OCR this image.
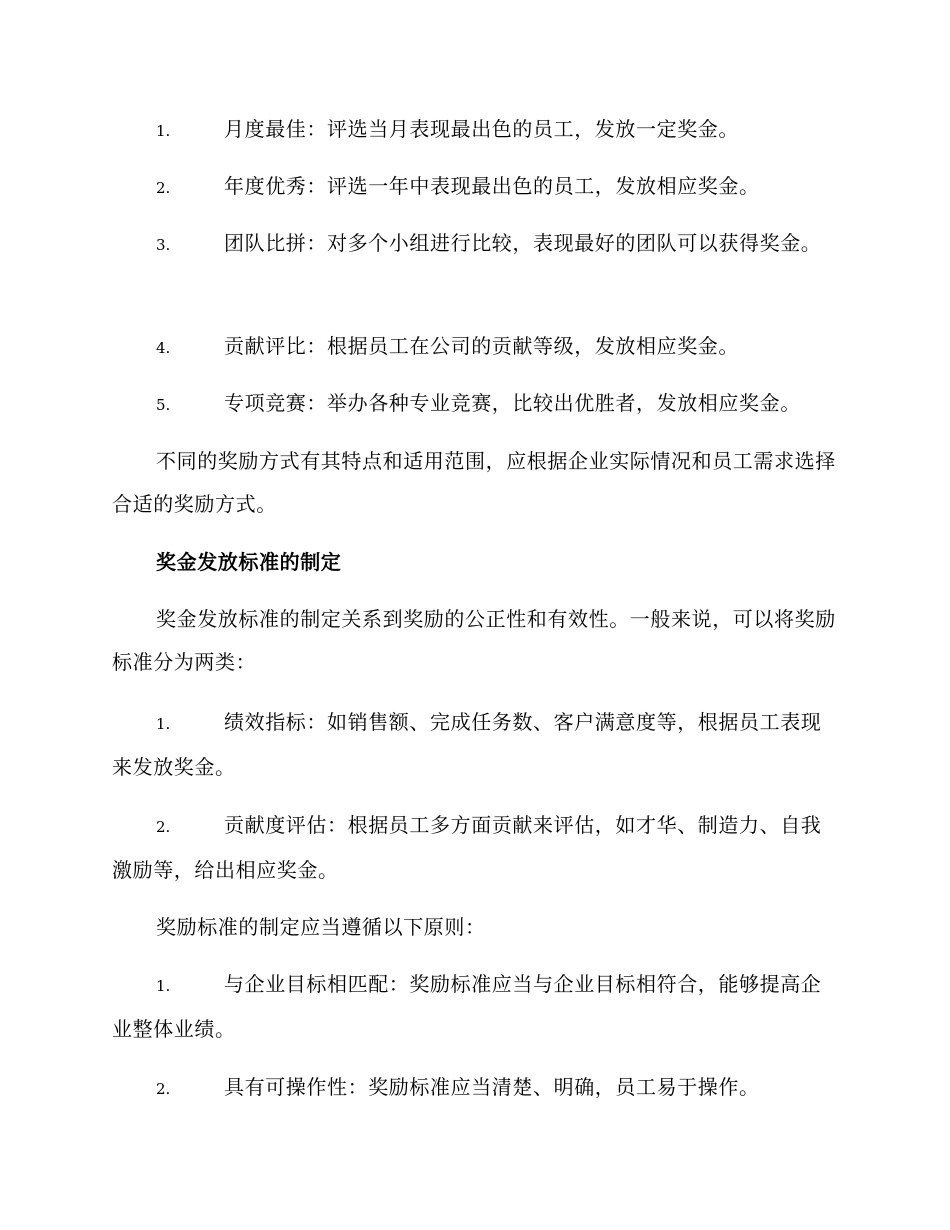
1.	月度最佳：评选当月表现最出色的员工，发放一定奖金。
2.	年度优秀：评选一年中表现最出色的员工，发放相应奖金。
3.	团队比拼：对多个小组进行比较，表现最好的团队可以获得奖金。
4.	贡献评比：根据员工在公司的贡献等级，发放相应奖金。
5.	专项竞赛：举办各种专业竞赛，比较出优胜者，发放相应奖金。
不同的奖励方式有其特点和适用范围，应根据企业实际情况和员工需求选择合适的奖励方式。
奖金发放标准的制定
奖金发放标准的制定关系到奖励的公正性和有效性。一般来说，可以将奖励标准分为两类：
1.	绩效指标：如销售额、完成任务数、客户满意度等，根据员工表现来发放奖金。
2.	贡献度评估：根据员工多方面贡献来评估，如才华、制造力、自我激励等，给出相应奖金。
奖励标准的制定应当遵循以下原则：
1.	与企业目标相匹配：奖励标准应当与企业目标相符合，能够提高企业整体业绩。
2.	具有可操作性：奖励标准应当清楚、明确，员工易于操作。
